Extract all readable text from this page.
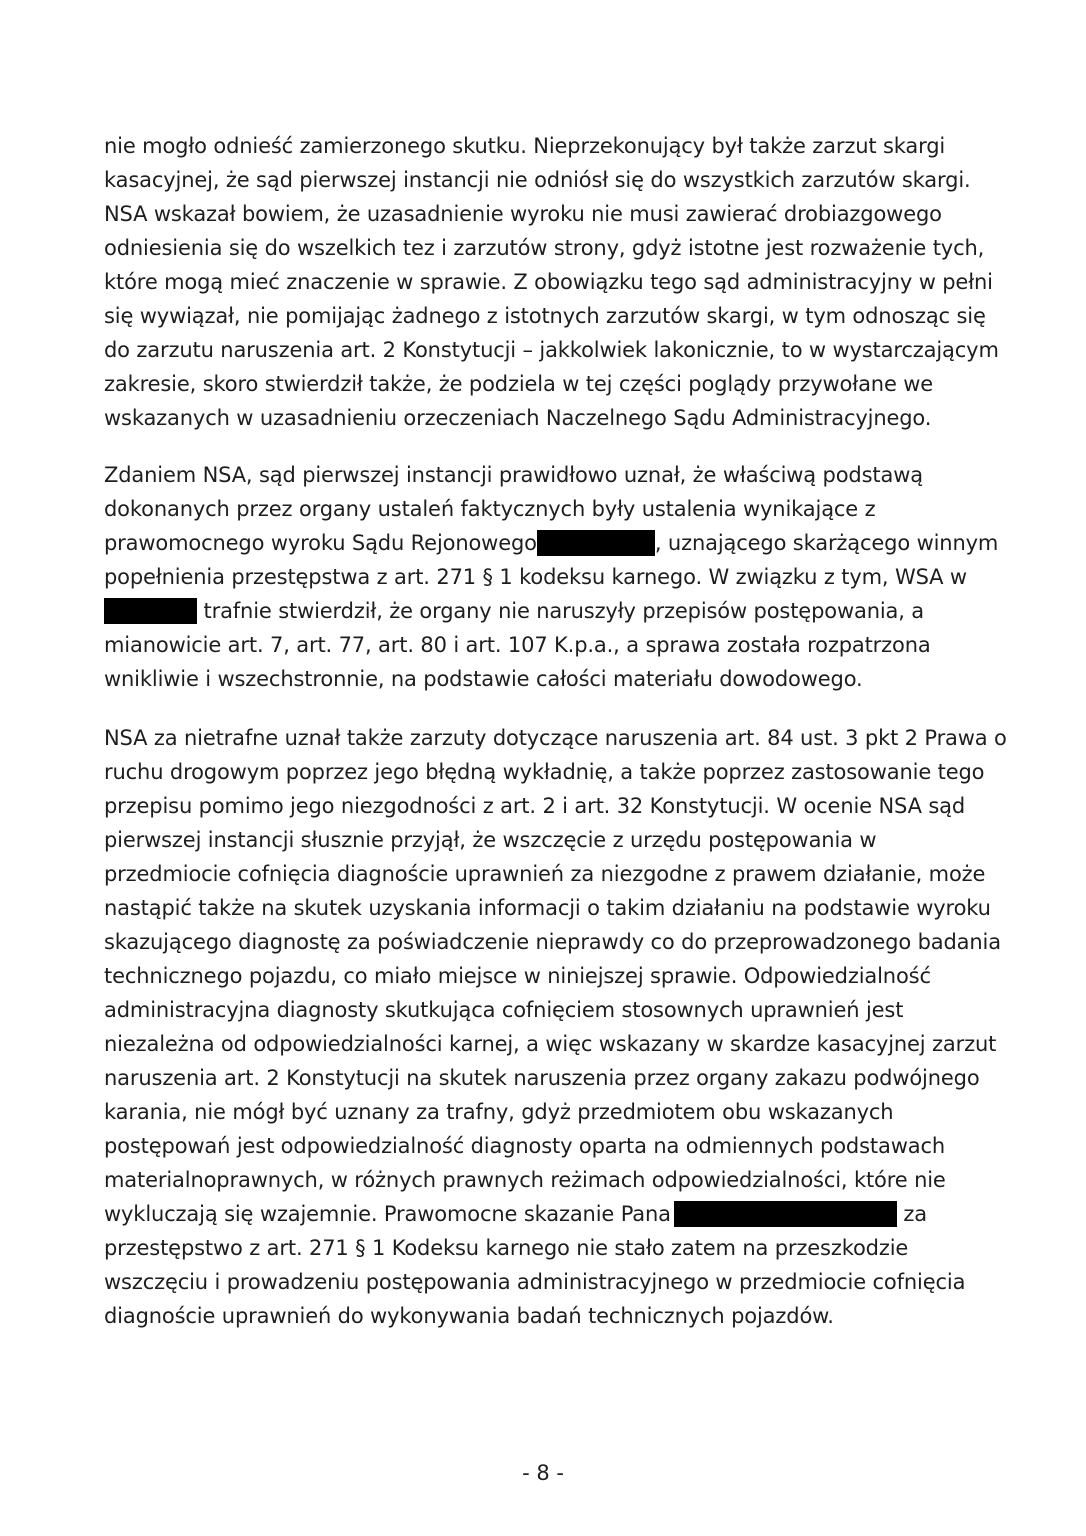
nie mogło odnieść zamierzonego skutku. Nieprzekonujący był także zarzut skargi
kasacyjnej, że sąd pierwszej instancji nie odniósł się do wszystkich zarzutów skargi.
NSA wskazał bowiem, że uzasadnienie wyroku nie musi zawierać drobiazgowego
odniesienia się do wszelkich tez i zarzutów strony, gdyż istotne jest rozważenie tych,
które mogą mieć znaczenie w sprawie. Z obowiązku tego sąd administracyjny w pełni
się wywiązał, nie pomijając żadnego z istotnych zarzutów skargi, w tym odnosząc się
do zarzutu naruszenia art. 2 Konstytucji – jakkolwiek lakonicznie, to w wystarczającym
zakresie, skoro stwierdził także, że podziela w tej części poglądy przywołane we
wskazanych w uzasadnieniu orzeczeniach Naczelnego Sądu Administracyjnego.
Zdaniem NSA, sąd pierwszej instancji prawidłowo uznał, że właściwą podstawą
dokonanych przez organy ustaleń faktycznych były ustalenia wynikające z
prawomocnego wyroku Sądu Rejonowego	, uznającego skarżącego winnym
popełnienia przestępstwa z art. 271 § 1 kodeksu karnego. W związku z tym, WSA w
trafnie stwierdził, że organy nie naruszyły przepisów postępowania, a
mianowicie art. 7, art. 77, art. 80 i art. 107 K.p.a., a sprawa została rozpatrzona
wnikliwie i wszechstronnie, na podstawie całości materiału dowodowego.
NSA za nietrafne uznał także zarzuty dotyczące naruszenia art. 84 ust. 3 pkt 2 Prawa o
ruchu drogowym poprzez jego błędną wykładnię, a także poprzez zastosowanie tego
przepisu pomimo jego niezgodności z art. 2 i art. 32 Konstytucji. W ocenie NSA sąd
pierwszej instancji słusznie przyjął, że wszczęcie z urzędu postępowania w
przedmiocie cofnięcia diagnoście uprawnień za niezgodne z prawem działanie, może
nastąpić także na skutek uzyskania informacji o takim działaniu na podstawie wyroku
skazującego diagnostę za poświadczenie nieprawdy co do przeprowadzonego badania
technicznego pojazdu, co miało miejsce w niniejszej sprawie. Odpowiedzialność
administracyjna diagnosty skutkująca cofnięciem stosownych uprawnień jest
niezależna od odpowiedzialności karnej, a więc wskazany w skardze kasacyjnej zarzut
naruszenia art. 2 Konstytucji na skutek naruszenia przez organy zakazu podwójnego
karania, nie mógł być uznany za trafny, gdyż przedmiotem obu wskazanych
postępowań jest odpowiedzialność diagnosty oparta na odmiennych podstawach
materialnoprawnych, w różnych prawnych reżimach odpowiedzialności, które nie
wykluczają się wzajemnie. Prawomocne skazanie Pana	za
przestępstwo z art. 271 § 1 Kodeksu karnego nie stało zatem na przeszkodzie
wszczęciu i prowadzeniu postępowania administracyjnego w przedmiocie cofnięcia
diagnoście uprawnień do wykonywania badań technicznych pojazdów.
- 8 -
